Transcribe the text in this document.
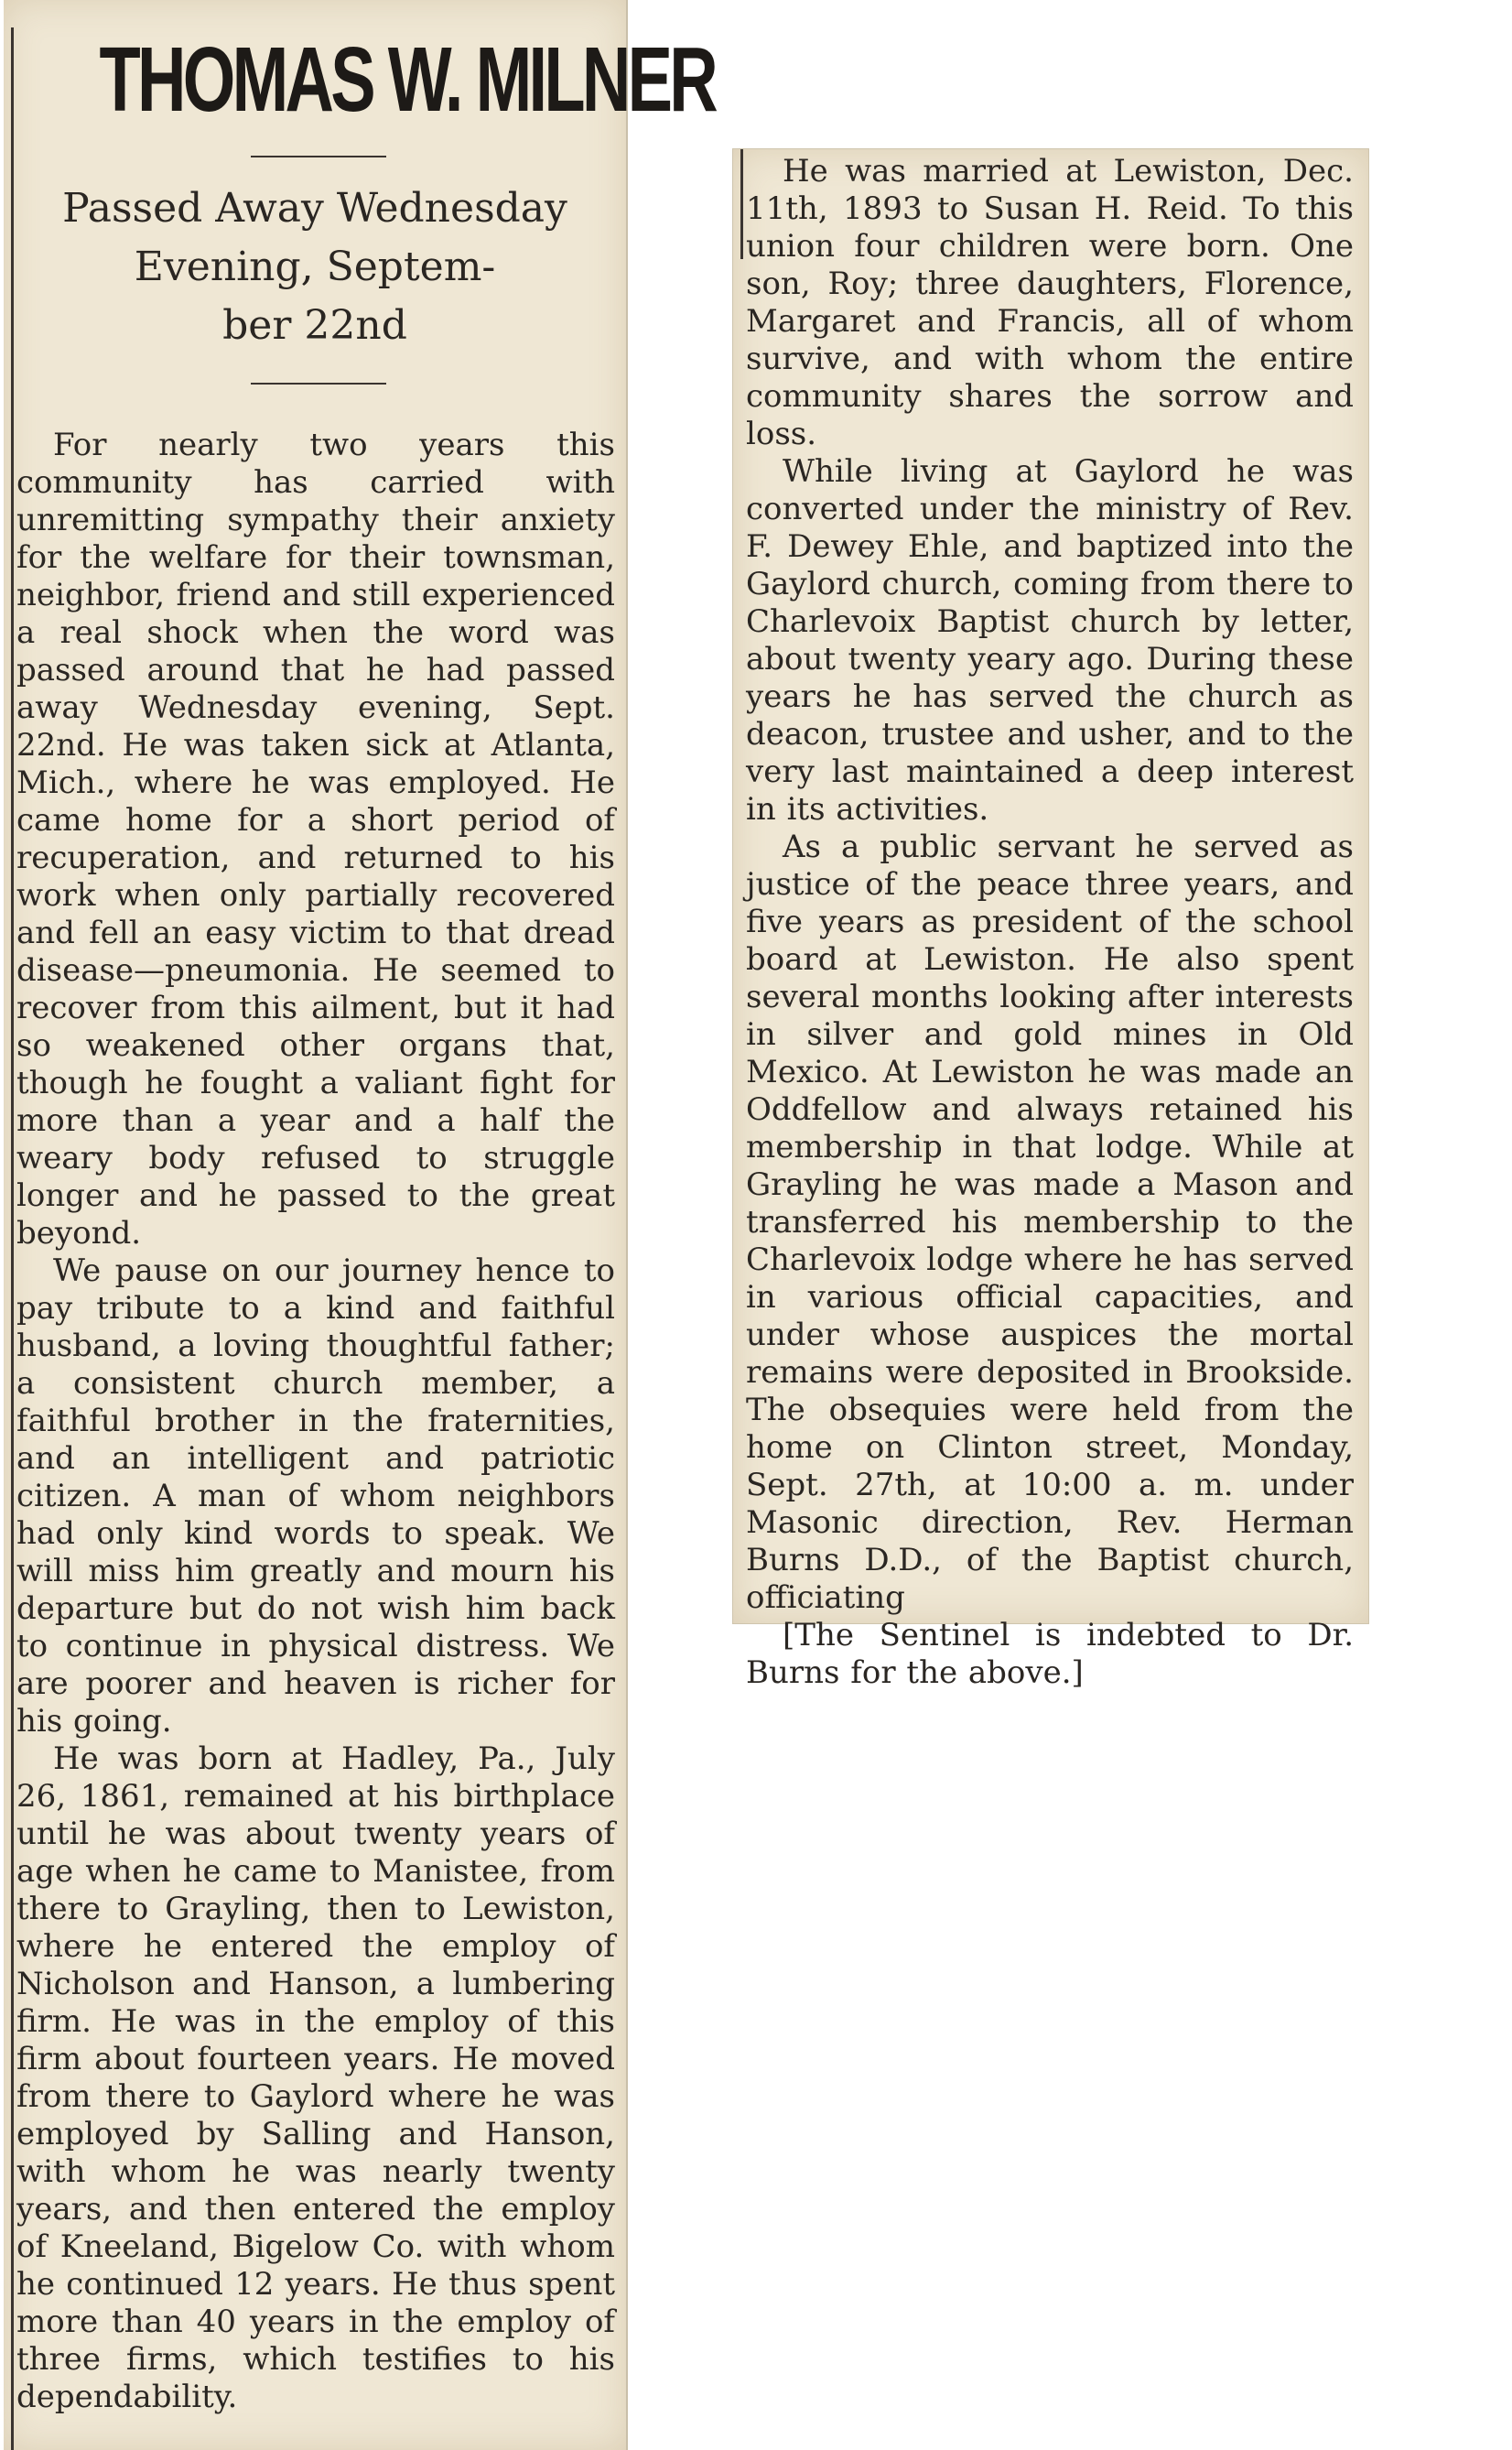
THOMAS W. MILNER
Passed Away Wednesday
Evening, Septem-
ber 22nd

For nearly two years this community has carried with unremitting sympathy their anxiety for the welfare for their townsman, neighbor, friend and still experienced a real shock when the word was passed around that he had passed away Wednesday evening, Sept. 22nd. He was taken sick at Atlanta, Mich., where he was employed. He came home for a short period of recuperation, and returned to his work when only partially recovered and fell an easy victim to that dread disease—pneumonia. He seemed to recover from this ailment, but it had so weakened other organs that, though he fought a valiant fight for more than a year and a half the weary body refused to struggle longer and he passed to the great beyond.

We pause on our journey hence to pay tribute to a kind and faithful husband, a loving thoughtful father; a consistent church member, a faithful brother in the fraternities, and an intelligent and patriotic citizen. A man of whom neighbors had only kind words to speak. We will miss him greatly and mourn his departure but do not wish him back to continue in physical distress. We are poorer and heaven is richer for his going.

He was born at Hadley, Pa., July 26, 1861, remained at his birthplace until he was about twenty years of age when he came to Manistee, from there to Grayling, then to Lewiston, where he entered the employ of Nicholson and Hanson, a lumbering firm. He was in the employ of this firm about fourteen years. He moved from there to Gaylord where he was employed by Salling and Hanson, with whom he was nearly twenty years, and then entered the employ of Kneeland, Bigelow Co. with whom he continued 12 years. He thus spent more than 40 years in the employ of three firms, which testifies to his dependability.

He was married at Lewiston, Dec. 11th, 1893 to Susan H. Reid. To this union four children were born. One son, Roy; three daughters, Florence, Margaret and Francis, all of whom survive, and with whom the entire community shares the sorrow and loss.

While living at Gaylord he was converted under the ministry of Rev. F. Dewey Ehle, and baptized into the Gaylord church, coming from there to Charlevoix Baptist church by letter, about twenty yeary ago. During these years he has served the church as deacon, trustee and usher, and to the very last maintained a deep interest in its activities.

As a public servant he served as justice of the peace three years, and five years as president of the school board at Lewiston. He also spent several months looking after interests in silver and gold mines in Old Mexico. At Lewiston he was made an Oddfellow and always retained his membership in that lodge. While at Grayling he was made a Mason and transferred his membership to the Charlevoix lodge where he has served in various official capacities, and under whose auspices the mortal remains were deposited in Brookside. The obsequies were held from the home on Clinton street, Monday, Sept. 27th, at 10:00 a. m. under Masonic direction, Rev. Herman Burns D.D., of the Baptist church, officiating

[The Sentinel is indebted to Dr. Burns for the above.]
